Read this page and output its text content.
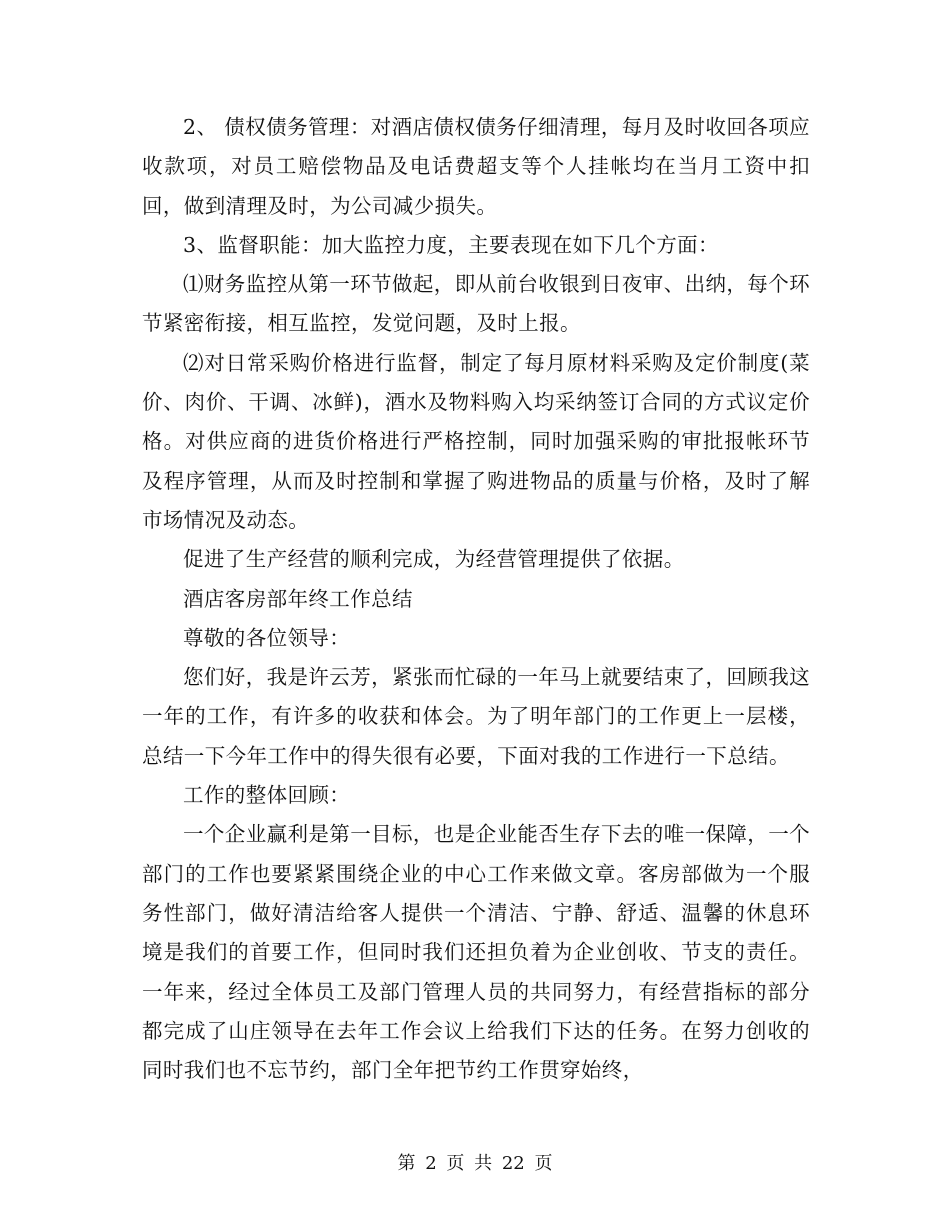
2、 债权债务管理：对酒店债权债务仔细清理，每月及时收回各项应收款项，对员工赔偿物品及电话费超支等个人挂帐均在当月工资中扣回，做到清理及时，为公司减少损失。

3、监督职能：加大监控力度，主要表现在如下几个方面：

⑴财务监控从第一环节做起，即从前台收银到日夜审、出纳，每个环节紧密衔接，相互监控，发觉问题，及时上报。

⑵对日常采购价格进行监督，制定了每月原材料采购及定价制度(菜价、肉价、干调、冰鲜)，酒水及物料购入均采纳签订合同的方式议定价格。对供应商的进货价格进行严格控制，同时加强采购的审批报帐环节及程序管理，从而及时控制和掌握了购进物品的质量与价格，及时了解市场情况及动态。

促进了生产经营的顺利完成，为经营管理提供了依据。

酒店客房部年终工作总结

尊敬的各位领导：

您们好，我是许云芳，紧张而忙碌的一年马上就要结束了，回顾我这一年的工作，有许多的收获和体会。为了明年部门的工作更上一层楼，总结一下今年工作中的得失很有必要，下面对我的工作进行一下总结。

工作的整体回顾：

一个企业赢利是第一目标，也是企业能否生存下去的唯一保障，一个部门的工作也要紧紧围绕企业的中心工作来做文章。客房部做为一个服务性部门，做好清洁给客人提供一个清洁、宁静、舒适、温馨的休息环境是我们的首要工作，但同时我们还担负着为企业创收、节支的责任。一年来，经过全体员工及部门管理人员的共同努力，有经营指标的部分都完成了山庄领导在去年工作会议上给我们下达的任务。在努力创收的同时我们也不忘节约，部门全年把节约工作贯穿始终，

第 2 页 共 22 页
